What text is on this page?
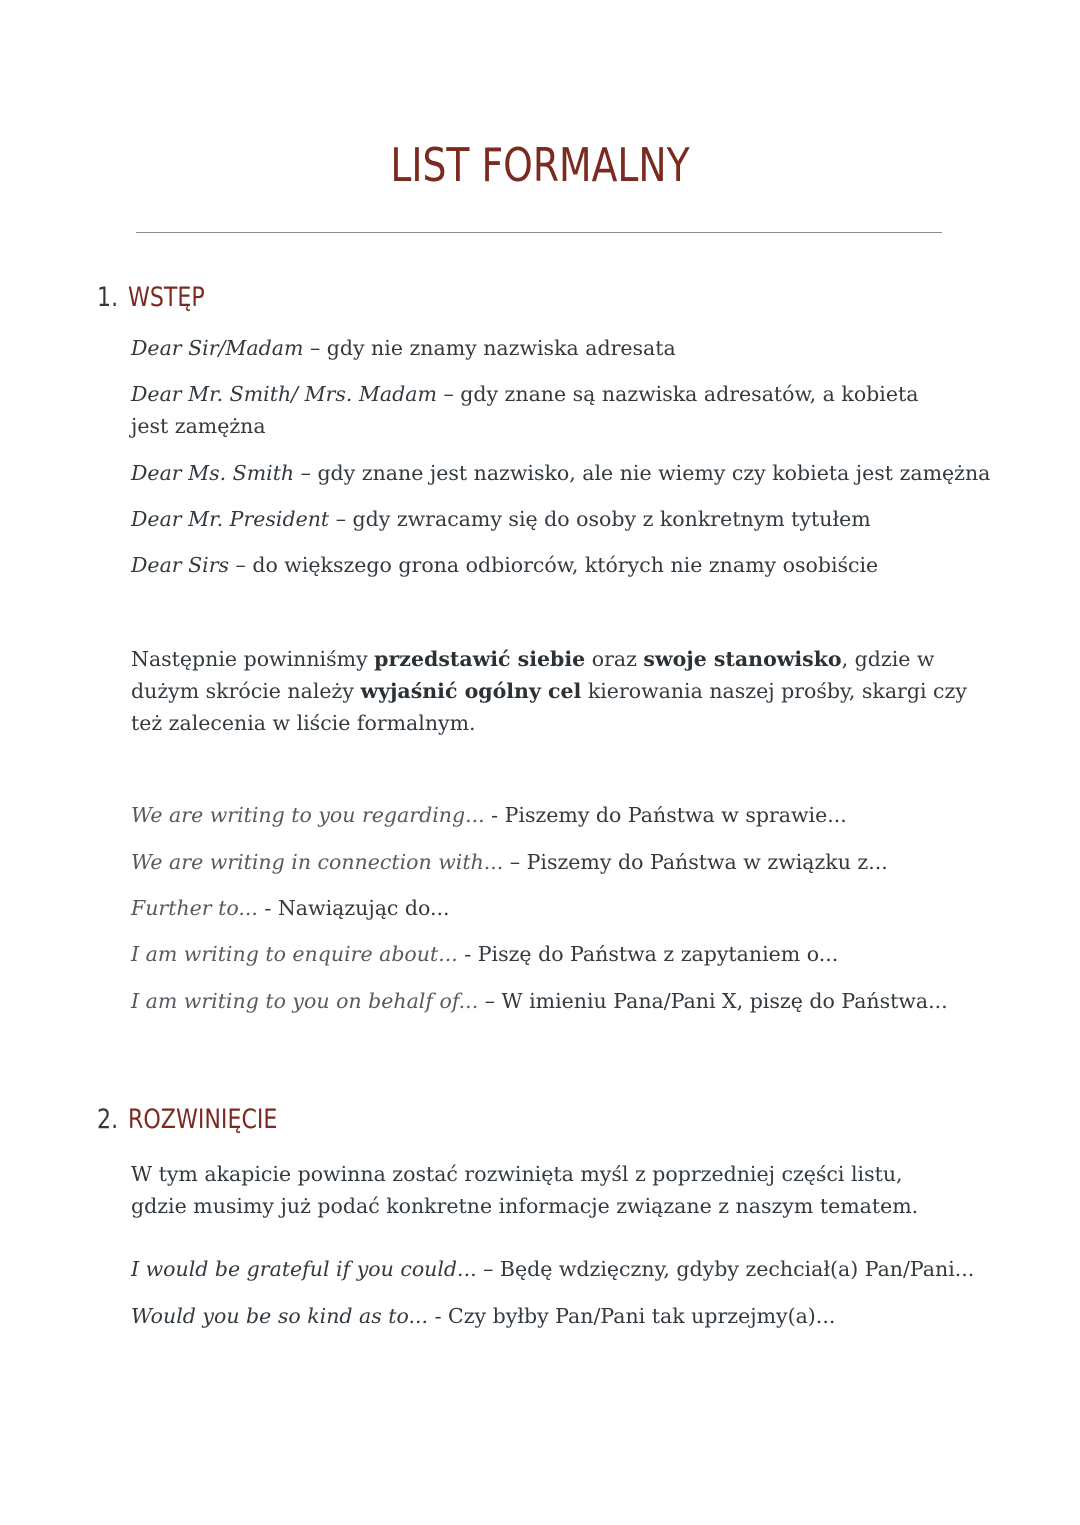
LIST FORMALNY
1. WSTĘP

Dear Sir/Madam – gdy nie znamy nazwiska adresata

Dear Mr. Smith/ Mrs. Madam – gdy znane są nazwiska adresatów, a kobieta jest zamężna

Dear Ms. Smith – gdy znane jest nazwisko, ale nie wiemy czy kobieta jest zamężna

Dear Mr. President – gdy zwracamy się do osoby z konkretnym tytułem

Dear Sirs – do większego grona odbiorców, których nie znamy osobiście

Następnie powinniśmy przedstawić siebie oraz swoje stanowisko, gdzie w dużym skrócie należy wyjaśnić ogólny cel kierowania naszej prośby, skargi czy też zalecenia w liście formalnym.

We are writing to you regarding... - Piszemy do Państwa w sprawie...

We are writing in connection with... – Piszemy do Państwa w związku z...

Further to... - Nawiązując do...

I am writing to enquire about... - Piszę do Państwa z zapytaniem o...

I am writing to you on behalf of... – W imieniu Pana/Pani X, piszę do Państwa...

2. ROZWINIĘCIE

W tym akapicie powinna zostać rozwinięta myśl z poprzedniej części listu, gdzie musimy już podać konkretne informacje związane z naszym tematem.

I would be grateful if you could... – Będę wdzięczny, gdyby zechciał(a) Pan/Pani...

Would you be so kind as to... - Czy byłby Pan/Pani tak uprzejmy(a)...
